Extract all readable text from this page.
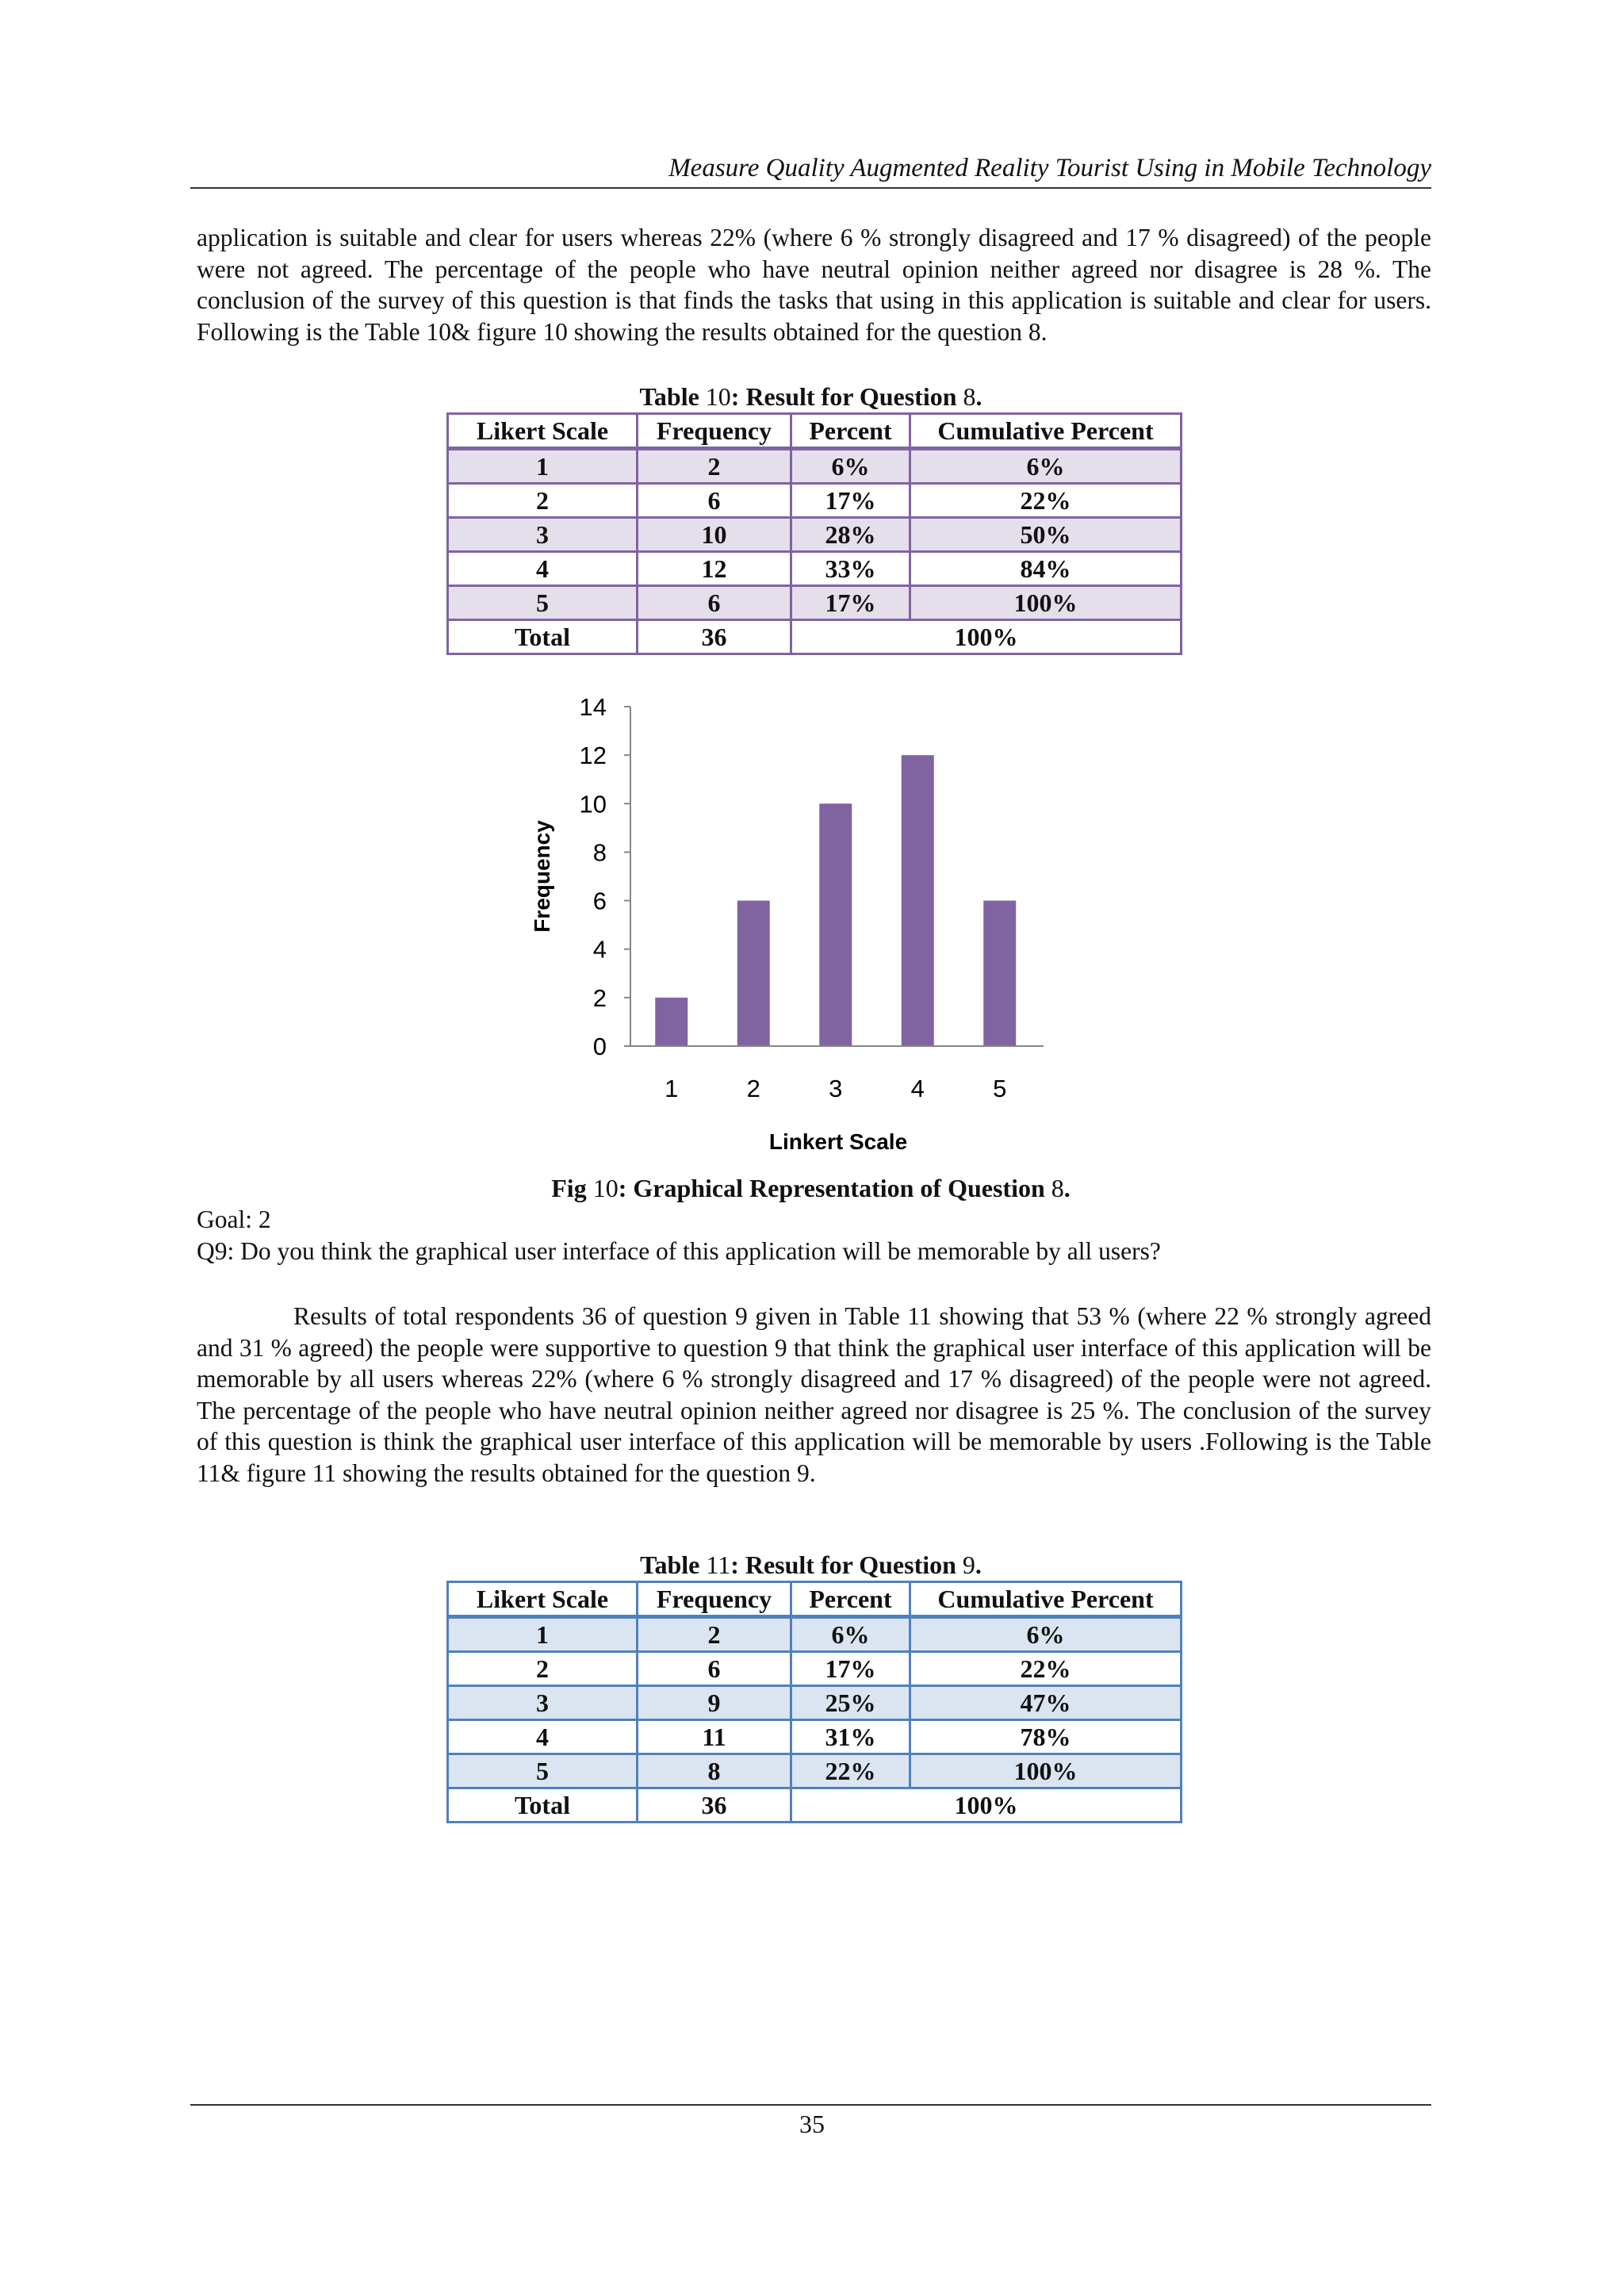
Measure Quality Augmented Reality Tourist Using in Mobile Technology

application is suitable and clear for users whereas 22% (where 6 % strongly disagreed and 17 % disagreed) of the people were not agreed. The percentage of the people who have neutral opinion neither agreed nor disagree is 28 %. The conclusion of the survey of this question is that finds the tasks that using in this application is suitable and clear for users. Following is the Table 10& figure 10 showing the results obtained for the question 8.

Table 10: Result for Question 8.
Likert Scale	Frequency	Percent	Cumulative Percent
1	2	6%	6%
2	6	17%	22%
3	10	28%	50%
4	12	33%	84%
5	6	17%	100%
Total	36	100%	
0
2
4
6
8
10
12
14
1	2	3	4	5
Frequency
Linkert Scale
Fig 10: Graphical Representation of Question 8.
Goal: 2
Q9: Do you think the graphical user interface of this application will be memorable by all users?

Results of total respondents 36 of question 9 given in Table 11 showing that 53 % (where 22 % strongly agreed and 31 % agreed) the people were supportive to question 9 that think the graphical user interface of this application will be memorable by all users whereas 22% (where 6 % strongly disagreed and 17 % disagreed) of the people were not agreed. The percentage of the people who have neutral opinion neither agreed nor disagree is 25 %. The conclusion of the survey of this question is think the graphical user interface of this application will be memorable by users .Following is the Table 11& figure 11 showing the results obtained for the question 9.

Table 11: Result for Question 9.
Likert Scale	Frequency	Percent	Cumulative Percent
1	2	6%	6%
2	6	17%	22%
3	9	25%	47%
4	11	31%	78%
5	8	22%	100%
Total	36	100%	
35
